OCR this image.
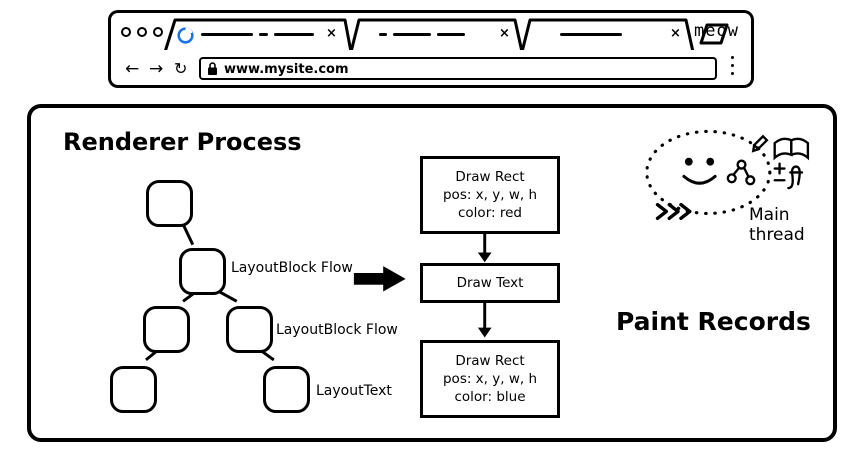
×	×	× meow
← → ↻	www.mysite.com
Renderer Process
LayoutBlock Flow
LayoutBlock Flow
LayoutText
Draw Rect
pos: x, y, w, h
color: red
Draw Text
Draw Rect
pos: x, y, w, h
color: blue
Paint Records
Main thread
